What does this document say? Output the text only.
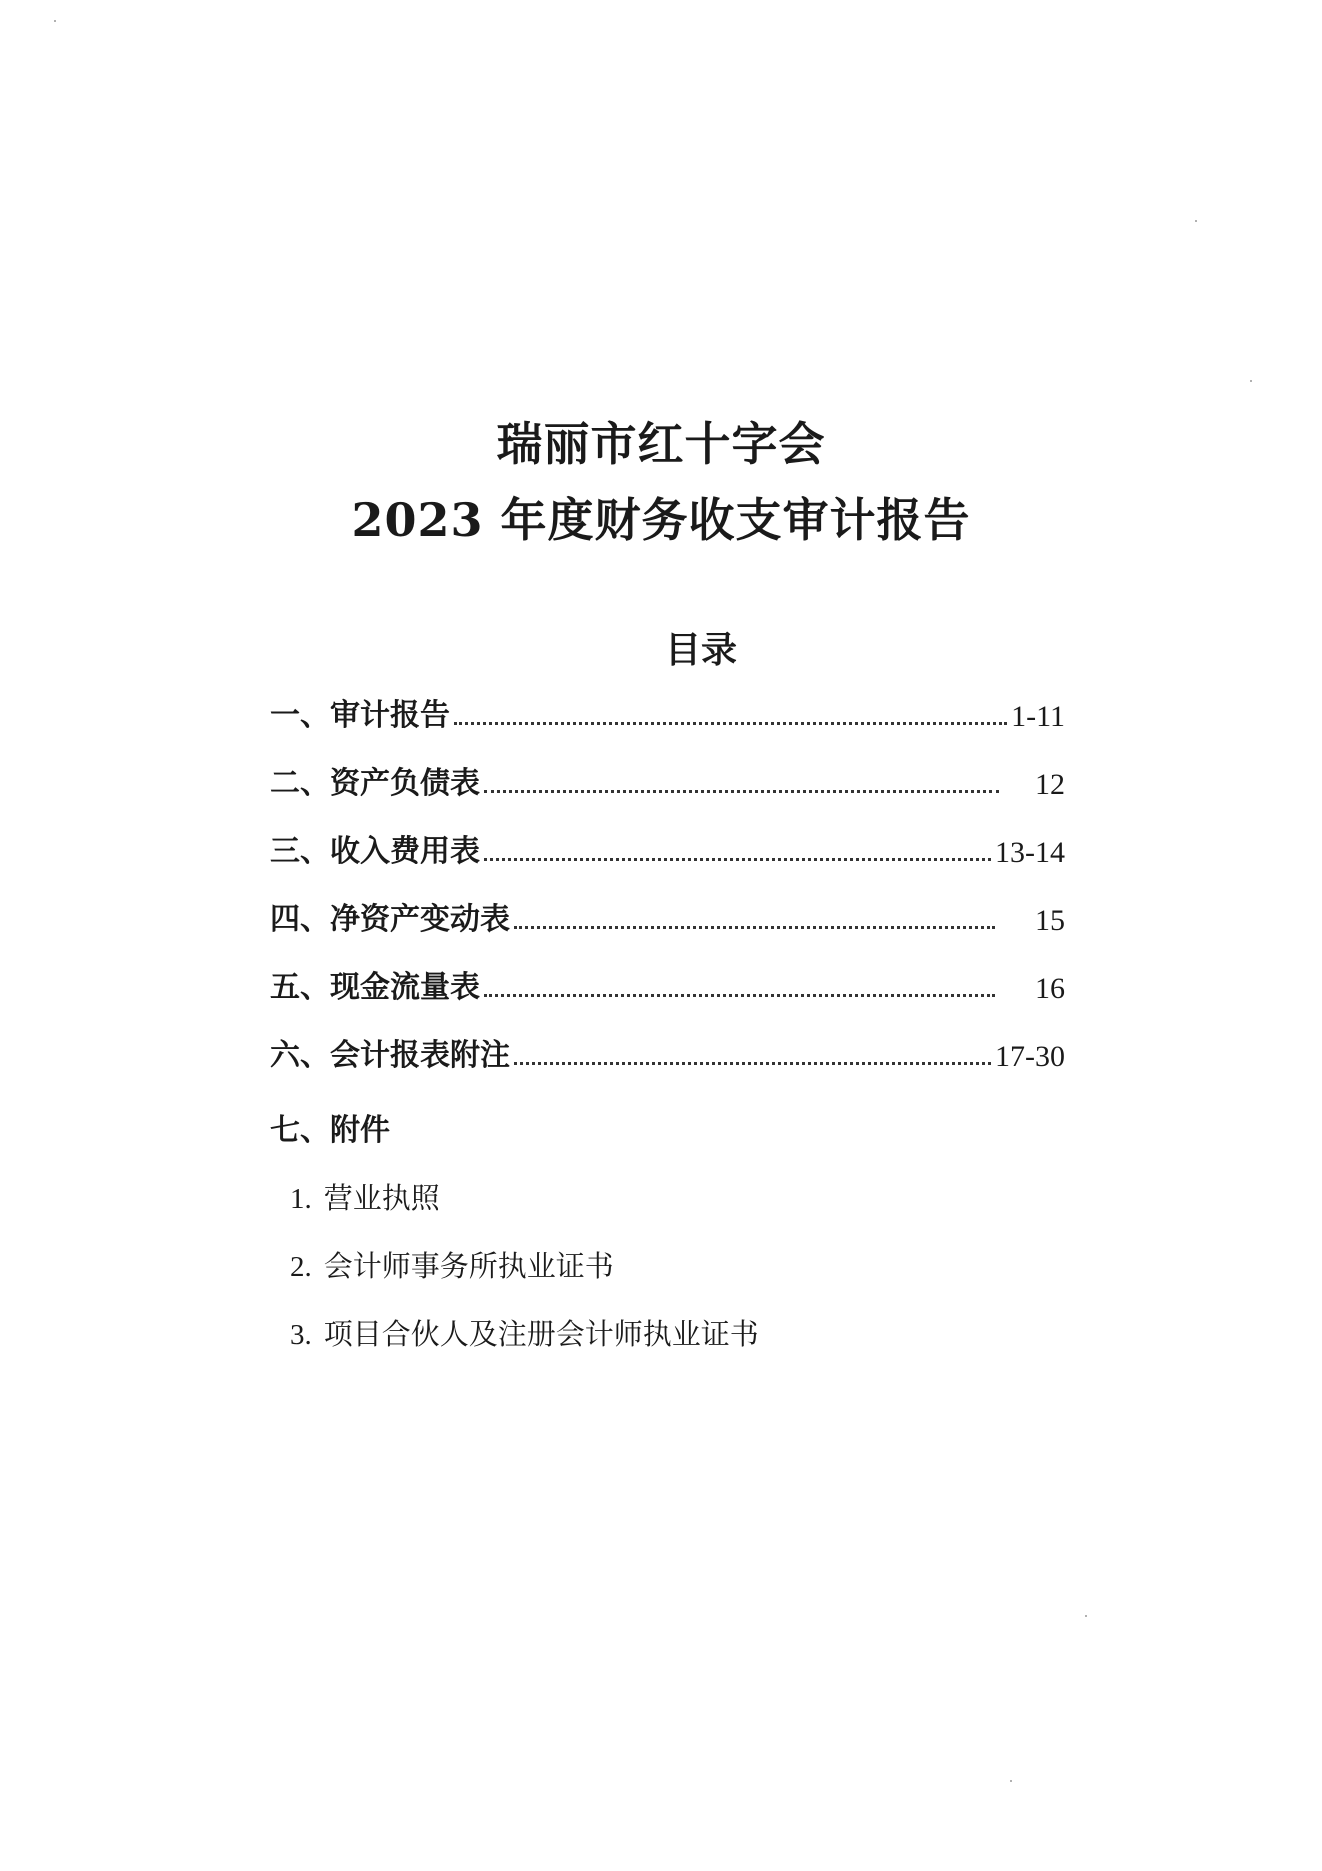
瑞丽市红十字会
2023 年度财务收支审计报告
目录
一、 审计报告	1-11
二、 资产负债表	12
三、 收入费用表	13-14
四、 净资产变动表	15
五、 现金流量表	16
六、 会计报表附注	17-30
七、附件
1. 营业执照
2. 会计师事务所执业证书
3. 项目合伙人及注册会计师执业证书
